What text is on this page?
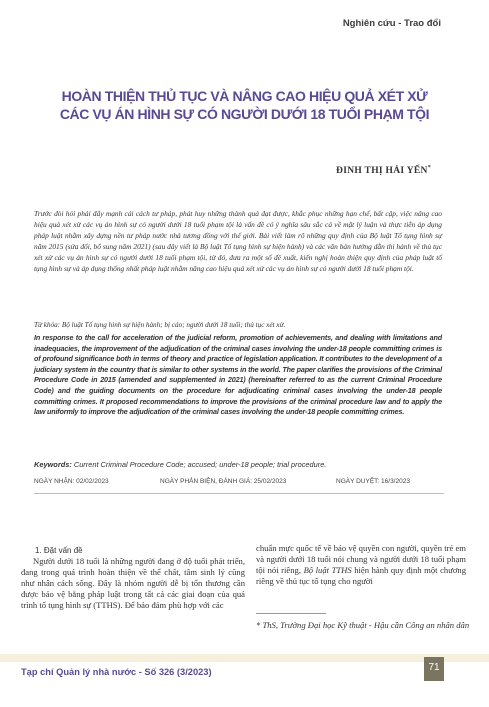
Nghiên cứu - Trao đổi
HOÀN THIỆN THỦ TỤC VÀ NÂNG CAO HIỆU QUẢ XÉT XỬ
CÁC VỤ ÁN HÌNH SỰ CÓ NGƯỜI DƯỚI 18 TUỔI PHẠM TỘI
ĐINH THỊ HẢI YẾN*
Trước đòi hỏi phải đẩy mạnh cải cách tư pháp, phát huy những thành quả đạt được, khắc phục những hạn chế, bất cập, việc nâng cao hiệu quả xét xử các vụ án hình sự có người dưới 18 tuổi phạm tội là vấn đề có ý nghĩa sâu sắc cả về mặt lý luận và thực tiễn áp dụng pháp luật nhằm xây dựng nền tư pháp nước nhà tương đồng với thế giới. Bài viết làm rõ những quy định của Bộ luật Tố tụng hình sự năm 2015 (sửa đổi, bổ sung năm 2021) (sau đây viết là Bộ luật Tố tụng hình sự hiện hành) và các văn bản hướng dẫn thi hành về thủ tục xét xử các vụ án hình sự có người dưới 18 tuổi phạm tội, từ đó, đưa ra một số đề xuất, kiến nghị hoàn thiện quy định của pháp luật tố tụng hình sự và áp dụng thống nhất pháp luật nhằm nâng cao hiệu quả xét xử các vụ án hình sự có người dưới 18 tuổi phạm tội.
Từ khóa: Bộ luật Tố tụng hình sự hiện hành; bị cáo; người dưới 18 tuổi; thủ tục xét xử.
In response to the call for acceleration of the judicial reform, promotion of achievements, and dealing with limitations and inadequacies, the improvement of the adjudication of the criminal cases involving the under-18 people committing crimes is of profound significance both in terms of theory and practice of legislation application. It contributes to the development of a judiciary system in the country that is similar to other systems in the world. The paper clarifies the provisions of the Criminal Procedure Code in 2015 (amended and supplemented in 2021) (hereinafter referred to as the current Criminal Procedure Code) and the guiding documents on the procedure for adjudicating criminal cases involving the under-18 people committing crimes. It proposed recommendations to improve the provisions of the criminal procedure law and to apply the law uniformly to improve the adjudication of the criminal cases involving the under-18 people committing crimes.
Keywords: Current Criminal Procedure Code; accused; under-18 people; trial procedure.
NGÀY NHẬN: 02/02/2023	NGÀY PHẢN BIỆN, ĐÁNH GIÁ: 25/02/2023	NGÀY DUYỆT: 16/3/2023
1. Đặt vấn đề
Người dưới 18 tuổi là những người đang ở độ tuổi phát triển, đang trong quá trình hoàn thiện về thể chất, tâm sinh lý cũng như nhân cách sống. Đây là nhóm người dễ bị tổn thương cần được bảo vệ bằng pháp luật trong tất cả các giai đoạn của quá trình tố tụng hình sự (TTHS). Để bảo đảm phù hợp với các
chuẩn mực quốc tế về bảo vệ quyền con người, quyền trẻ em và người dưới 18 tuổi nói chung và người dưới 18 tuổi phạm tội nói riêng, Bộ luật TTHS hiện hành quy định một chương riêng về thủ tục tố tụng cho người
* ThS, Trường Đại học Kỹ thuật - Hậu cần Công an nhân dân
Tạp chí Quản lý nhà nước - Số 326 (3/2023)	71
